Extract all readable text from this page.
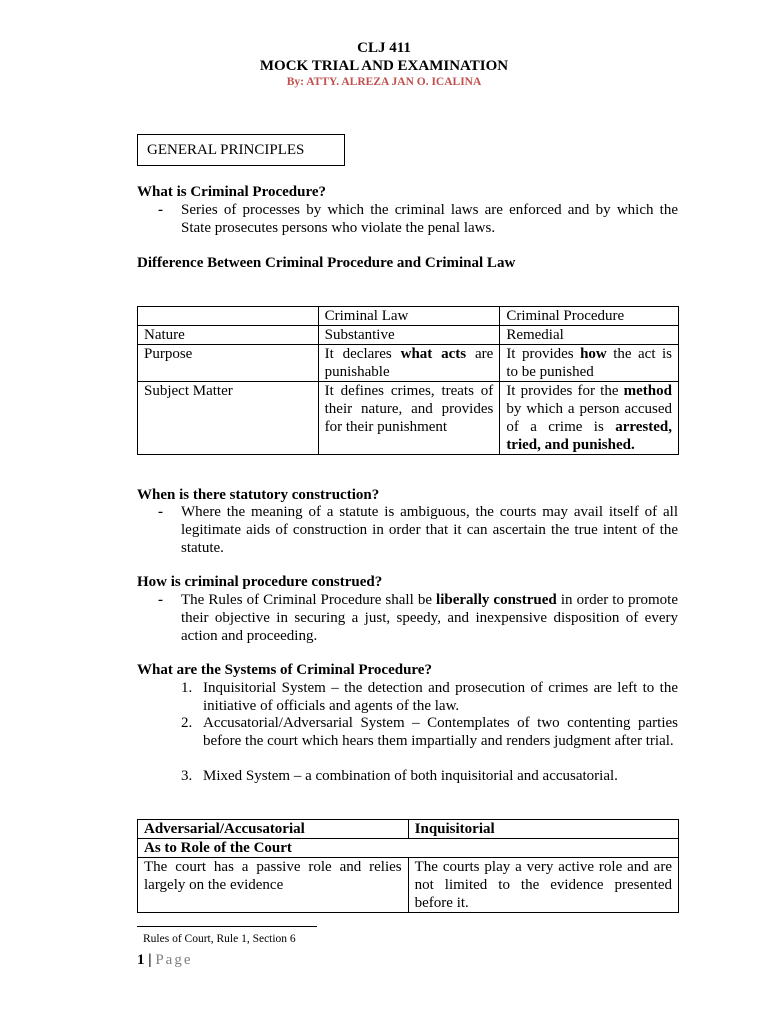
CLJ 411
MOCK TRIAL AND EXAMINATION
By: ATTY. ALREZA JAN O. ICALINA
GENERAL PRINCIPLES
What is Criminal Procedure?
- Series of processes by which the criminal laws are enforced and by which the State prosecutes persons who violate the penal laws.
Difference Between Criminal Procedure and Criminal Law
	Criminal Law	Criminal Procedure
Nature	Substantive	Remedial
Purpose	It declares what acts are punishable	It provides how the act is to be punished
Subject Matter	It defines crimes, treats of their nature, and provides for their punishment	It provides for the method by which a person accused of a crime is arrested, tried, and punished.
When is there statutory construction?
- Where the meaning of a statute is ambiguous, the courts may avail itself of all legitimate aids of construction in order that it can ascertain the true intent of the statute.
How is criminal procedure construed?
- The Rules of Criminal Procedure shall be liberally construed in order to promote their objective in securing a just, speedy, and inexpensive disposition of every action and proceeding.
What are the Systems of Criminal Procedure?
1. Inquisitorial System – the detection and prosecution of crimes are left to the initiative of officials and agents of the law.
2. Accusatorial/Adversarial System – Contemplates of two contenting parties before the court which hears them impartially and renders judgment after trial.
3. Mixed System – a combination of both inquisitorial and accusatorial.
Adversarial/Accusatorial	Inquisitorial
As to Role of the Court	
The court has a passive role and relies largely on the evidence	The courts play a very active role and are not limited to the evidence presented before it.
Rules of Court, Rule 1, Section 6
1 | Page
